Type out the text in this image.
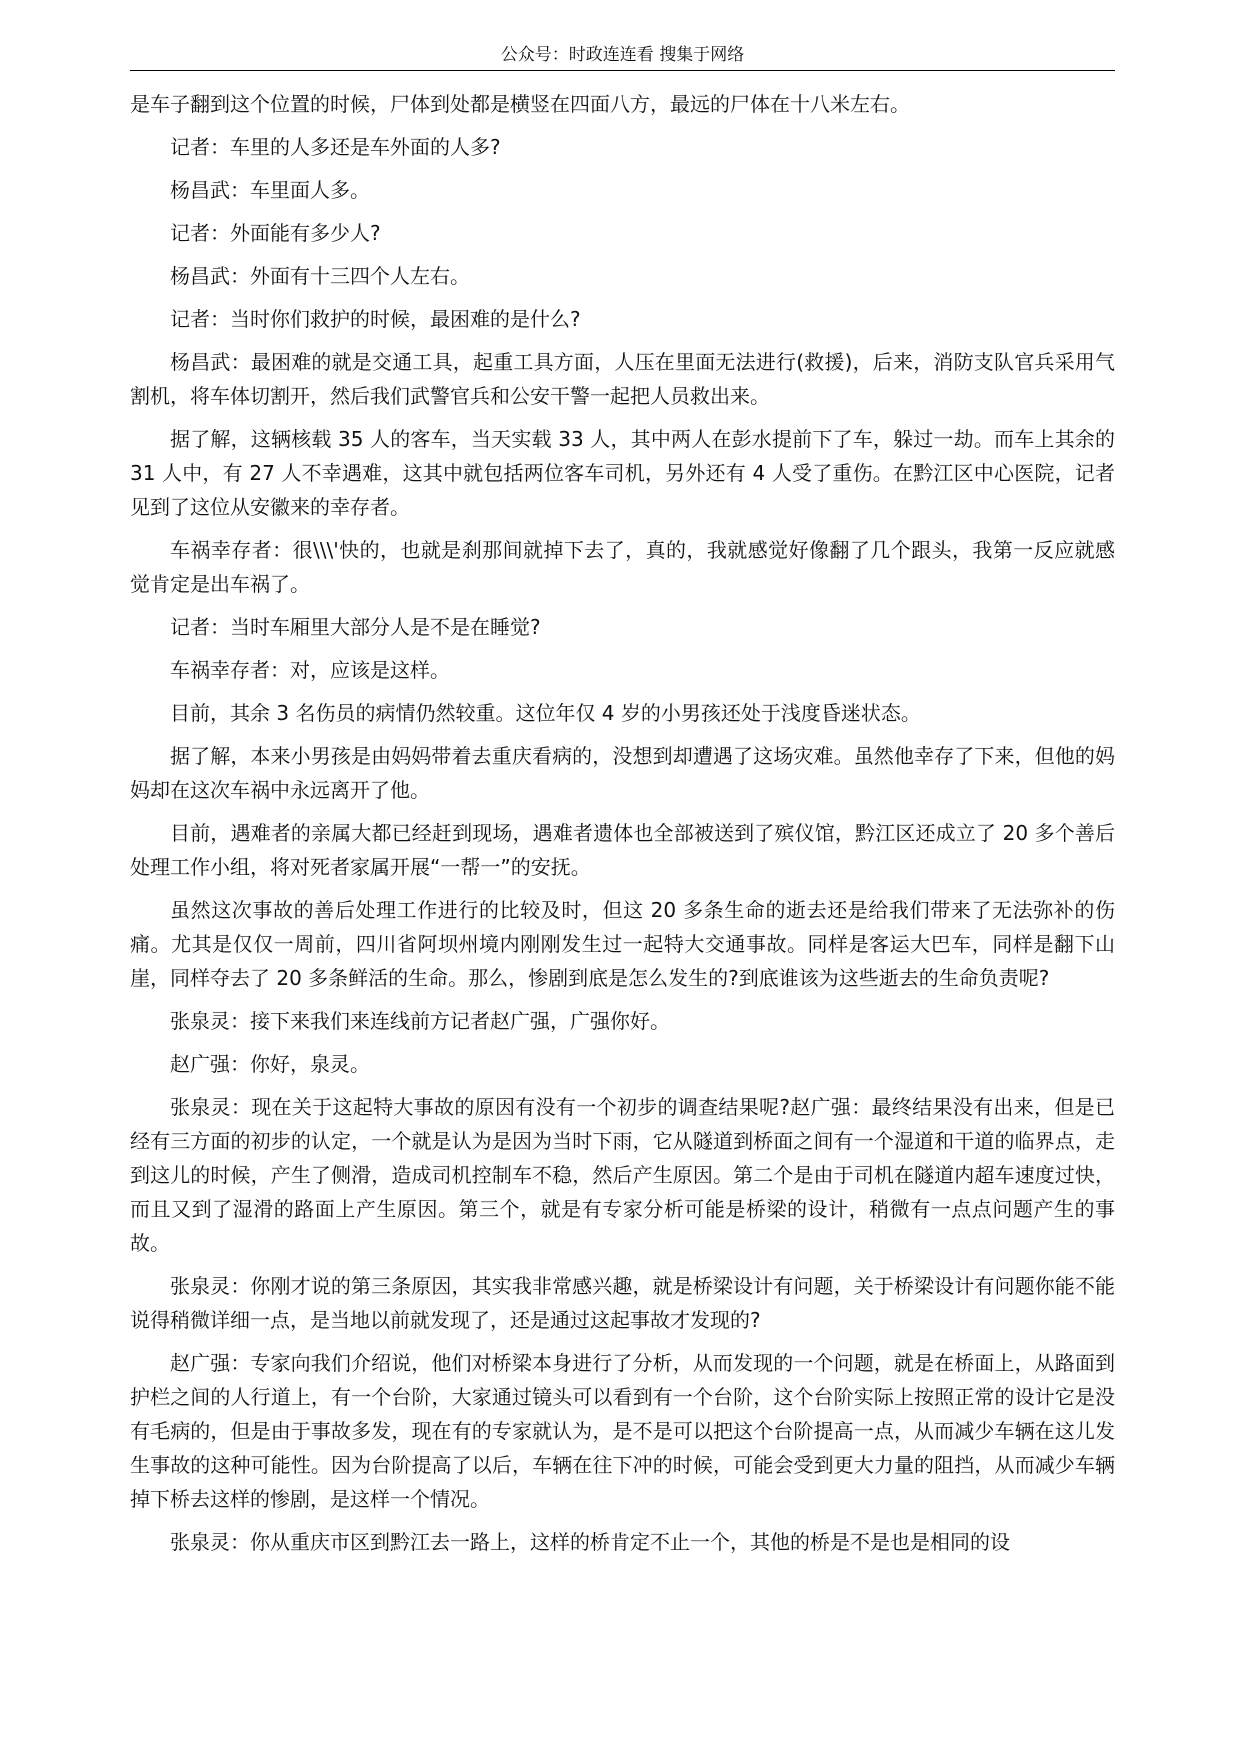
公众号：时政连连看 搜集于网络

是车子翻到这个位置的时候，尸体到处都是横竖在四面八方，最远的尸体在十八米左右。

记者：车里的人多还是车外面的人多?

杨昌武：车里面人多。

记者：外面能有多少人?

杨昌武：外面有十三四个人左右。

记者：当时你们救护的时候，最困难的是什么?

杨昌武：最困难的就是交通工具，起重工具方面，人压在里面无法进行(救援)，后来，消防支队官兵采用气割机，将车体切割开，然后我们武警官兵和公安干警一起把人员救出来。

据了解，这辆核载 35 人的客车，当天实载 33 人，其中两人在彭水提前下了车，躲过一劫。而车上其余的 31 人中，有 27 人不幸遇难，这其中就包括两位客车司机，另外还有 4 人受了重伤。在黔江区中心医院，记者见到了这位从安徽来的幸存者。

车祸幸存者：很\\\'快的，也就是刹那间就掉下去了，真的，我就感觉好像翻了几个跟头，我第一反应就感觉肯定是出车祸了。

记者：当时车厢里大部分人是不是在睡觉?

车祸幸存者：对，应该是这样。

目前，其余 3 名伤员的病情仍然较重。这位年仅 4 岁的小男孩还处于浅度昏迷状态。

据了解，本来小男孩是由妈妈带着去重庆看病的，没想到却遭遇了这场灾难。虽然他幸存了下来，但他的妈妈却在这次车祸中永远离开了他。

目前，遇难者的亲属大都已经赶到现场，遇难者遗体也全部被送到了殡仪馆，黔江区还成立了 20 多个善后处理工作小组，将对死者家属开展“一帮一”的安抚。

虽然这次事故的善后处理工作进行的比较及时，但这 20 多条生命的逝去还是给我们带来了无法弥补的伤痛。尤其是仅仅一周前，四川省阿坝州境内刚刚发生过一起特大交通事故。同样是客运大巴车，同样是翻下山崖，同样夺去了 20 多条鲜活的生命。那么，惨剧到底是怎么发生的?到底谁该为这些逝去的生命负责呢?

张泉灵：接下来我们来连线前方记者赵广强，广强你好。

赵广强：你好，泉灵。

张泉灵：现在关于这起特大事故的原因有没有一个初步的调查结果呢?赵广强：最终结果没有出来，但是已经有三方面的初步的认定，一个就是认为是因为当时下雨，它从隧道到桥面之间有一个湿道和干道的临界点，走到这儿的时候，产生了侧滑，造成司机控制车不稳，然后产生原因。第二个是由于司机在隧道内超车速度过快，而且又到了湿滑的路面上产生原因。第三个，就是有专家分析可能是桥梁的设计，稍微有一点点问题产生的事故。

张泉灵：你刚才说的第三条原因，其实我非常感兴趣，就是桥梁设计有问题，关于桥梁设计有问题你能不能说得稍微详细一点，是当地以前就发现了，还是通过这起事故才发现的?

赵广强：专家向我们介绍说，他们对桥梁本身进行了分析，从而发现的一个问题，就是在桥面上，从路面到护栏之间的人行道上，有一个台阶，大家通过镜头可以看到有一个台阶，这个台阶实际上按照正常的设计它是没有毛病的，但是由于事故多发，现在有的专家就认为，是不是可以把这个台阶提高一点，从而减少车辆在这儿发生事故的这种可能性。因为台阶提高了以后，车辆在往下冲的时候，可能会受到更大力量的阻挡，从而减少车辆掉下桥去这样的惨剧，是这样一个情况。

张泉灵：你从重庆市区到黔江去一路上，这样的桥肯定不止一个，其他的桥是不是也是相同的设
